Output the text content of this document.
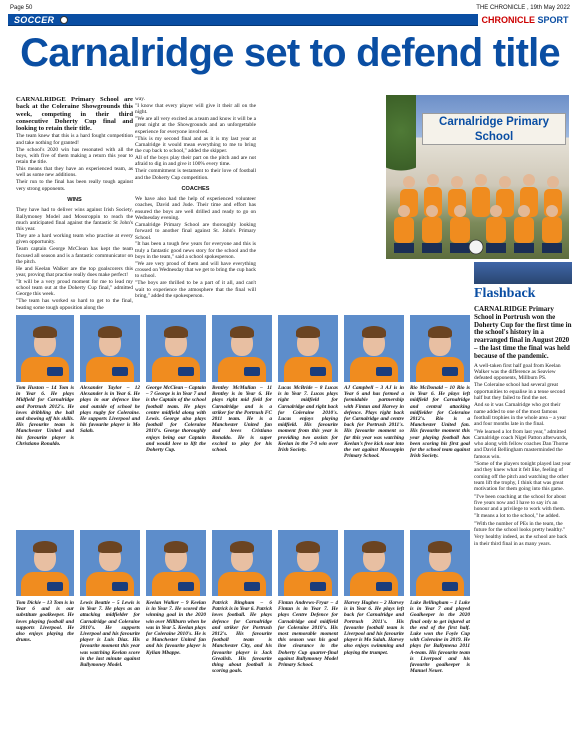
Page 50	THE CHRONICLE , 19th May 2022
SOCCER	CHRONICLE SPORT
Carnalridge set to defend title

CARNALRIDGE Primary School are back at the Coleraine Showgrounds this week, competing in their third consecutive Doherty Cup final and looking to retain their title.

The team knew that this is a hard fought competition and take nothing for granted!

The school's 2020 win has resonated with all the boys, with five of them making a return this year to retain the title.

This means that they have an experienced team, as well as some new additions.

Their run to the final has been really tough against very strong opponents.

WINS

They have had to deliver wins against Irish Society, Ballymoney Model and Mossroppin to reach the much anticipated final against the fantastic St John's this year.

They are a hard working team who practise at every given opportunity.

Team captain George McClean has kept the team focused all season and is a fantastic communicator on the pitch.

He and Keelan Walker are the top goalscorers this year, proving that practise really does make perfect!

"It will be a very proud moment for me to lead my school team out at the Doherty Cup final," admitted George this week.

"The team has worked so hard to get to the final, beating some tough opposition along the

way.

"I know that every player will give it their all on the night.

"We are all very excited as a team and know it will be a great night at the Showgrounds and an unforgettable experience for everyone involved.

"This is my second final and as it is my last year at Carnalridge it would mean everything to me to bring the cup back to school," added the skipper.

All of the boys play their part on the pitch and are not afraid to dig in and give it 100% every time.

Their commitment is testament to their love of football and the Doherty Cup competition.

COACHES

We have also had the help of experienced volunteer coaches, David and Jude. Their time and effort has ensured the boys are well drilled and ready to go on Wednesday evening.

Carnalridge Primary School are thoroughly looking forward to another final against St. John's Primary School.

"It has been a tough few years for everyone and this is truly a fantastic good news story for the school and the boys in the team," said a school spokesperson.

"We are very proud of them and will have everything crossed on Wednesday that we get to bring the cup back to school.

"The boys are thrilled to be a part of it all, and can't wait to experience the atmosphere that the final will bring," added the spokesperson.

Carnalridge Primary School
Flashback
CARNALRIDGE Primary School in Portrush won the Doherty Cup for the first time in the school's history in a rearranged final in August 2020 – the last time the final was held because of the pandemic.

A well-taken first half goal from Keelan Walker was the difference as Seaview defeated opponents, Millburn PS.

The Coleraine school had several great opportunities to equalise in a tense second half but they failed to find the net.

And so it was Carnalridge who got their name added to one of the most famous football trophies in the whole area – a year and four months late in the final.

"We learned a lot from last year," admitted Carnalridge coach Nigel Patton afterwards, who along with fellow coaches Dan Thorne and David Bellingham masterminded the famous win.

"Some of the players tonight played last year and they knew what it felt like, feeling of coming off the pitch and watching the other team lift the trophy, I think that was great motivation for them going into this game.

"I've been coaching at the school for about five years now and I have to say it's an honour and a privilege to work with them.

"It means a lot to the school," he added.

"With the number of PEs in the team, the future for the school looks pretty healthy."

Very healthy indeed, as the school are back in their third final in as many years.

Tom Huston – 14 Tom is in Year 6. He plays Midfield for Carnalridge and Portrush 2012's. He loves dribbling the ball and showing off his skills. His favourite team is Manchester United and his favourite player is Christiano Ronaldo.
Alexander Taylor – 12 Alexander is in Year 6. He plays in our defence line and outside of school he plays rugby for Coleraine. He supports Liverpool and his favourite player is Mo Salah.
George McClean – Captain – 7 George is in Year 7 and is the Captain of the school football team. He plays centre midfield along with Lewis. George also plays football for Coleraine 2010's. George thoroughly enjoys being our Captain and would love to lift the Doherty Cup.
Bentley McMullan – 11 Bentley is in Year 6. He plays right mid field for Carnalridge and is a striker for the Portrush FC 2011 team. He is a Manchester United fan and loves Cristiano Ronaldo. He is super excited to play for his school.
Lucas McBride – 8 Lucas is in Year 7. Lucas plays right midfield for Carnalridge and right back for Coleraine 2010's. Lucas enjoys playing midfield. His favourite moment from this year is providing two assists for Keelan in the 7-0 win over Irish Society.
AJ Campbell – 3 AJ is in Year 6 and has formed a formidable partnership with Fintan and Harvey in defence. Plays right back for Carnalridge and centre back for Portrush 2011's. His favourite moment so far this year was watching Keelan's free kick soar into the net against Mossoppin Primary School.
Rio McDonald – 10 Rio is in Year 6. He plays left midfield for Carnalridge and central attacking midfielder for Coleraine 2012's. Rio is a Manchester United fan. His favourite moment this year playing football has been scoring his first goal for the school team against Irish Society.
Tom Dickie – 13 Tom is in Year 6 and is our substitute goalkeeper. He loves playing football and supports Liverpool. He also enjoys playing the drums.
Lewis Beattie – 5 Lewis is in Year 7. He plays as an attacking midfielder for Carnalridge and Coleraine 2010's. He supports Liverpool and his favourite player is Luis Diaz. His favourite moment this year was watching Keelan score in the last minute against Ballymoney Model.
Keelan Walker – 9 Keelan is in Year 7. He scored the winning goal in the 2020 win over Millburn when he was in Year 5. Keelan plays for Coleraine 2010's. He is a Manchester United fan and his favourite player is Kylian Mbappe.
Patrick Bingham – 6 Patrick is in Year 6. Patrick loves football. He plays defence for Carnalridge and striker for Portrush 2012's. His favourite football team is Manchester City, and his favourite player is Jack Grealish. His favourite thing about football is scoring goals.
Fintan Andrews-Fryar – 4 Fintan is in Year 7. He plays Centre Defence for Carnalridge and midfield for Coleraine 2010's. His most memorable moment this season was his goal line clearance in the Doherty Cup quarter-final against Ballymoney Model Primary School.
Harvey Hughes – 2 Harvey is in Year 6. He plays left back for Carnalridge and Portrush 2011's. His favourite football team is Liverpool and his favourite player is Mo Salah. Harvey also enjoys swimming and playing the trumpet.
Luke Bellingham – 1 Luke is in Year 7 and played Goalkeeper in the 2020 final only to get injured at the end of the first half. Luke won the Foyle Cup with Coleraine in 2019. He plays for Ballymena 2011 A-team. His favourite team is Liverpool and his favourite goalkeeper is Manuel Neuer.
